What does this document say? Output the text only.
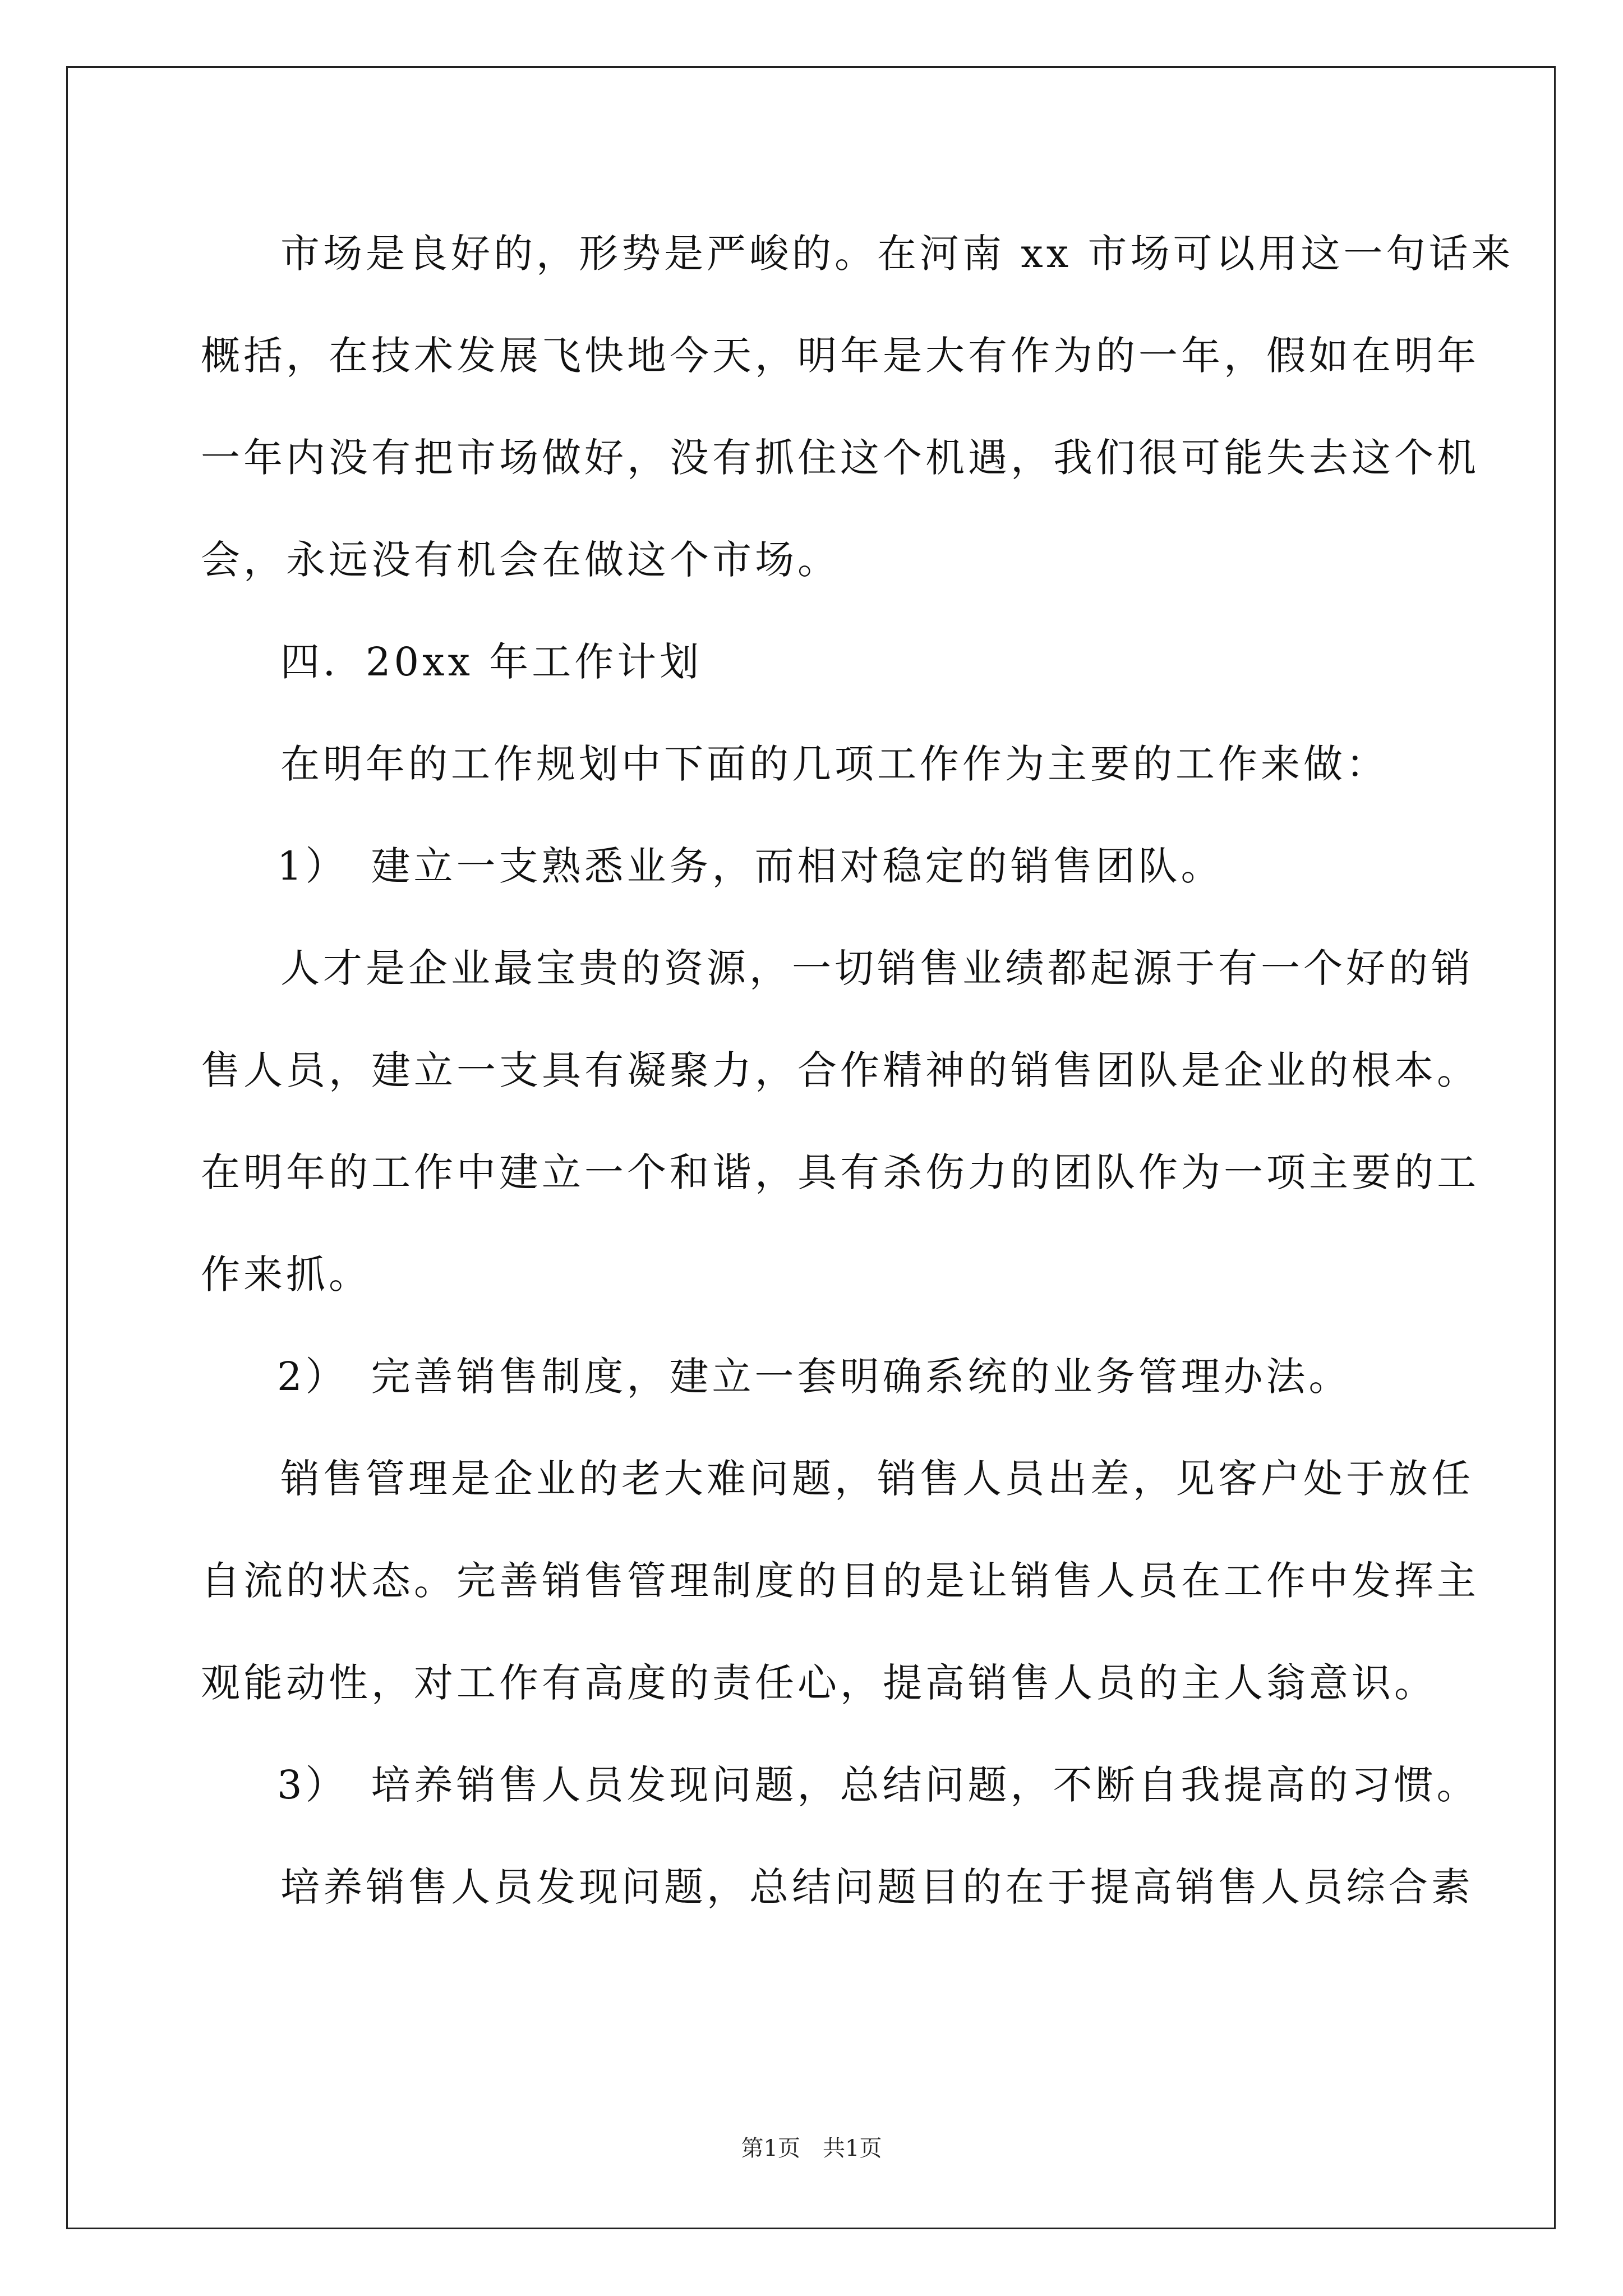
市场是良好的，形势是严峻的。在河南 xx 市场可以用这一句话来
概括，在技术发展飞快地今天，明年是大有作为的一年，假如在明年
一年内没有把市场做好，没有抓住这个机遇，我们很可能失去这个机
会，永远没有机会在做这个市场。
四．20xx 年工作计划
在明年的工作规划中下面的几项工作作为主要的工作来做：
1）　建立一支熟悉业务，而相对稳定的销售团队。
人才是企业最宝贵的资源，一切销售业绩都起源于有一个好的销
售人员，建立一支具有凝聚力，合作精神的销售团队是企业的根本。
在明年的工作中建立一个和谐，具有杀伤力的团队作为一项主要的工
作来抓。
2）　完善销售制度，建立一套明确系统的业务管理办法。
销售管理是企业的老大难问题，销售人员出差，见客户处于放任
自流的状态。完善销售管理制度的目的是让销售人员在工作中发挥主
观能动性，对工作有高度的责任心，提高销售人员的主人翁意识。
3）　培养销售人员发现问题，总结问题，不断自我提高的习惯。
培养销售人员发现问题，总结问题目的在于提高销售人员综合素
第1页　共1页
